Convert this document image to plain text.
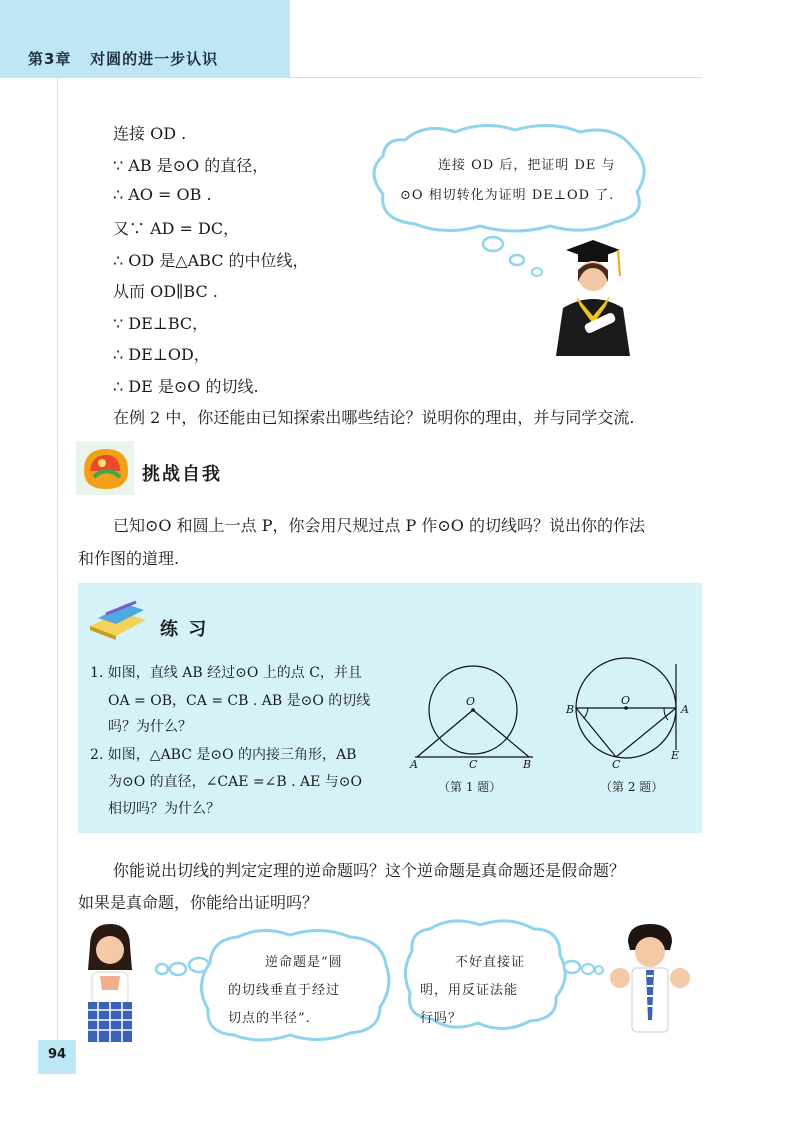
第3章 对圆的进一步认识
连接 OD .
∵ AB 是⊙O 的直径，
∴ AO = OB .
又∵ AD = DC，
∴ OD 是△ABC 的中位线，
从而 OD∥BC .
∵ DE⊥BC，
∴ DE⊥OD，
∴ DE 是⊙O 的切线.
连接 OD 后，把证明 DE 与
⊙O 相切转化为证明 DE⊥OD 了.
在例 2 中，你还能由已知探索出哪些结论？说明你的理由，并与同学交流.
挑战自我
已知⊙O 和圆上一点 P，你会用尺规过点 P 作⊙O 的切线吗？说出你的作法
和作图的道理.
练 习
1. 如图，直线 AB 经过⊙O 上的点 C，并且
OA = OB，CA = CB . AB 是⊙O 的切线
吗？为什么？
2. 如图，△ABC 是⊙O 的内接三角形，AB
为⊙O 的直径，∠CAE =∠B . AE 与⊙O
相切吗？为什么？
O
A	C	B
（第 1 题）
O
B	A
C
E
（第 2 题）
你能说出切线的判定定理的逆命题吗？这个逆命题是真命题还是假命题？
如果是真命题，你能给出证明吗？
逆命题是“圆
的切线垂直于经过
切点的半径”.
不好直接证
明，用反证法能
行吗？
94
